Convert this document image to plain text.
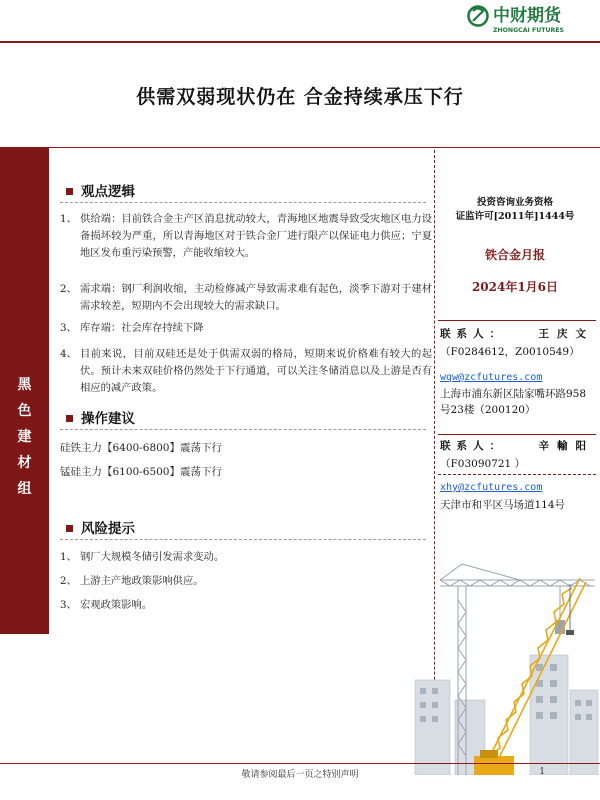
中财期货
ZHONGCAI FUTURES
供需双弱现状仍在 合金持续承压下行
黑
色
建
材
组
观点逻辑
1、 供给端：目前铁合金主产区消息扰动较大，青海地区地震导致受灾地区电力设备损坏较为严重，所以青海地区对于铁合金厂进行限产以保证电力供应；宁夏地区发布重污染预警，产能收缩较大。
2、 需求端：钢厂利润收缩，主动检修减产导致需求难有起色，淡季下游对于建材需求较差，短期内不会出现较大的需求缺口。
3、 库存端：社会库存持续下降
4、 目前来说，目前双硅还是处于供需双弱的格局，短期来说价格难有较大的起伏。预计未来双硅价格仍然处于下行通道，可以关注冬储消息以及上游是否有相应的减产政策。
操作建议
硅铁主力【6400-6800】震荡下行
锰硅主力【6100-6500】震荡下行
风险提示
1、 钢厂大规模冬储引发需求变动。
2、 上游主产地政策影响供应。
3、 宏观政策影响。
投资咨询业务资格
证监许可[2011年]1444号
铁合金月报
2024年1月6日
联系人：	王庆文
（F0284612，Z0010549）
wqw@zcfutures.com
上海市浦东新区陆家嘴环路958号23楼（200120）
联系人：	辛輸阳
（F03090721 ）
xhy@zcfutures.com
天津市和平区马场道114号
敬请参阅最后一页之特别声明	1
